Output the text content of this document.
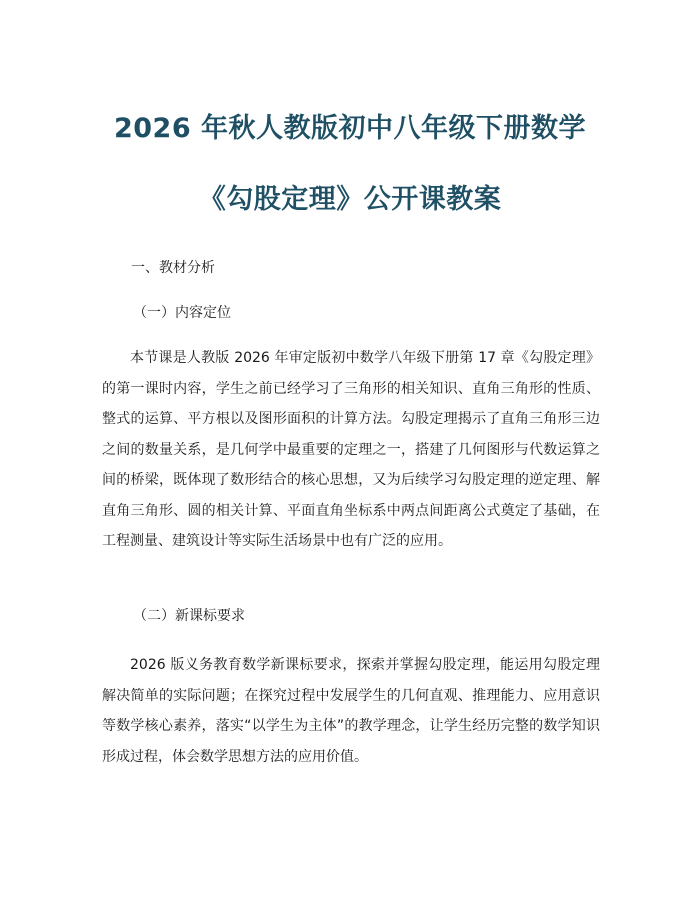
2026 年秋人教版初中八年级下册数学
《勾股定理》公开课教案
一、教材分析
（一）内容定位

本节课是人教版 2026 年审定版初中数学八年级下册第 17 章《勾股定理》的第一课时内容，学生之前已经学习了三角形的相关知识、直角三角形的性质、整式的运算、平方根以及图形面积的计算方法。勾股定理揭示了直角三角形三边之间的数量关系，是几何学中最重要的定理之一，搭建了几何图形与代数运算之间的桥梁，既体现了数形结合的核心思想，又为后续学习勾股定理的逆定理、解直角三角形、圆的相关计算、平面直角坐标系中两点间距离公式奠定了基础，在工程测量、建筑设计等实际生活场景中也有广泛的应用。

（二）新课标要求

2026 版义务教育数学新课标要求，探索并掌握勾股定理，能运用勾股定理解决简单的实际问题；在探究过程中发展学生的几何直观、推理能力、应用意识等数学核心素养，落实“以学生为主体”的教学理念，让学生经历完整的数学知识形成过程，体会数学思想方法的应用价值。
